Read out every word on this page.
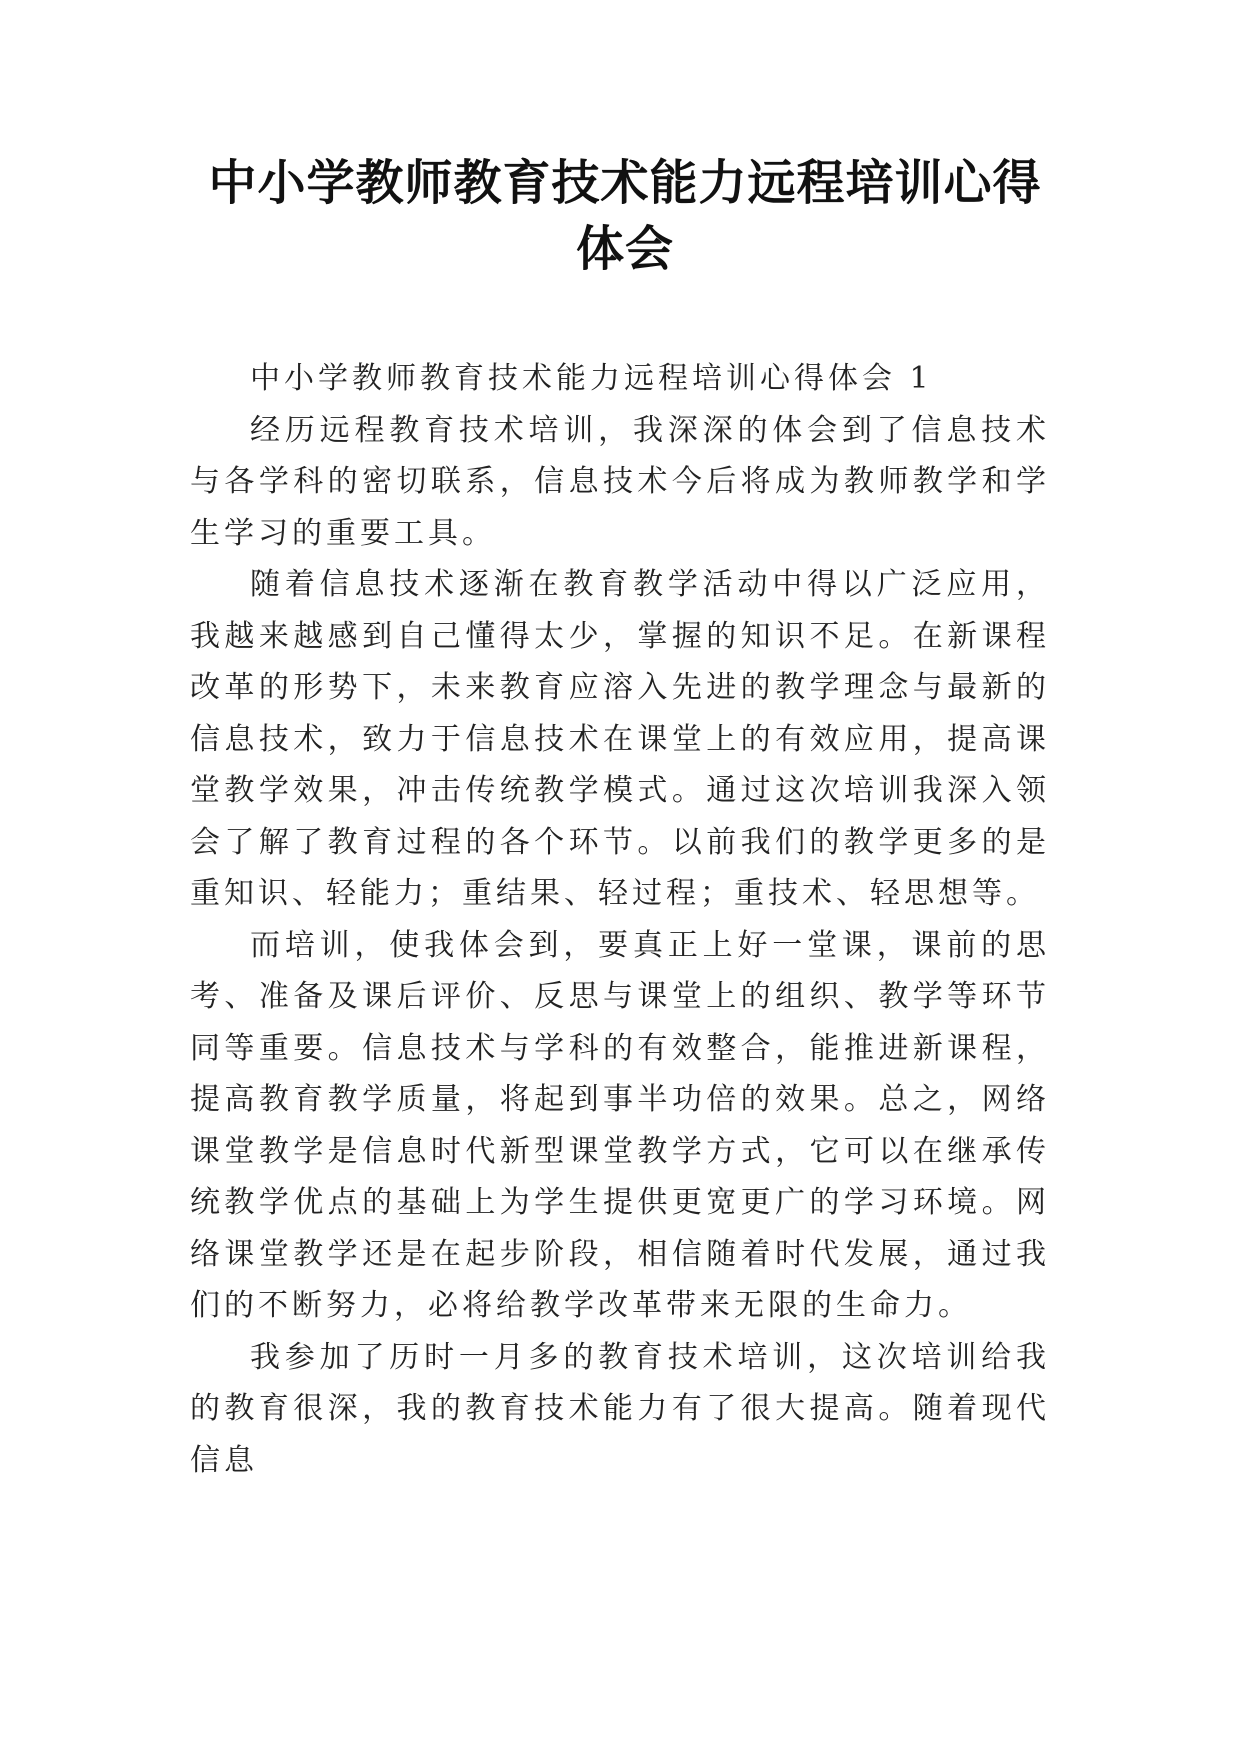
中小学教师教育技术能力远程培训心得体会

中小学教师教育技术能力远程培训心得体会 1

经历远程教育技术培训，我深深的体会到了信息技术与各学科的密切联系，信息技术今后将成为教师教学和学生学习的重要工具。

随着信息技术逐渐在教育教学活动中得以广泛应用，我越来越感到自己懂得太少，掌握的知识不足。在新课程改革的形势下，未来教育应溶入先进的教学理念与最新的信息技术，致力于信息技术在课堂上的有效应用，提高课堂教学效果，冲击传统教学模式。通过这次培训我深入领会了解了教育过程的各个环节。以前我们的教学更多的是重知识、轻能力；重结果、轻过程；重技术、轻思想等。

而培训，使我体会到，要真正上好一堂课，课前的思考、准备及课后评价、反思与课堂上的组织、教学等环节同等重要。信息技术与学科的有效整合，能推进新课程，提高教育教学质量，将起到事半功倍的效果。总之，网络课堂教学是信息时代新型课堂教学方式，它可以在继承传统教学优点的基础上为学生提供更宽更广的学习环境。网络课堂教学还是在起步阶段，相信随着时代发展，通过我们的不断努力，必将给教学改革带来无限的生命力。

我参加了历时一月多的教育技术培训，这次培训给我的教育很深，我的教育技术能力有了很大提高。随着现代信息
